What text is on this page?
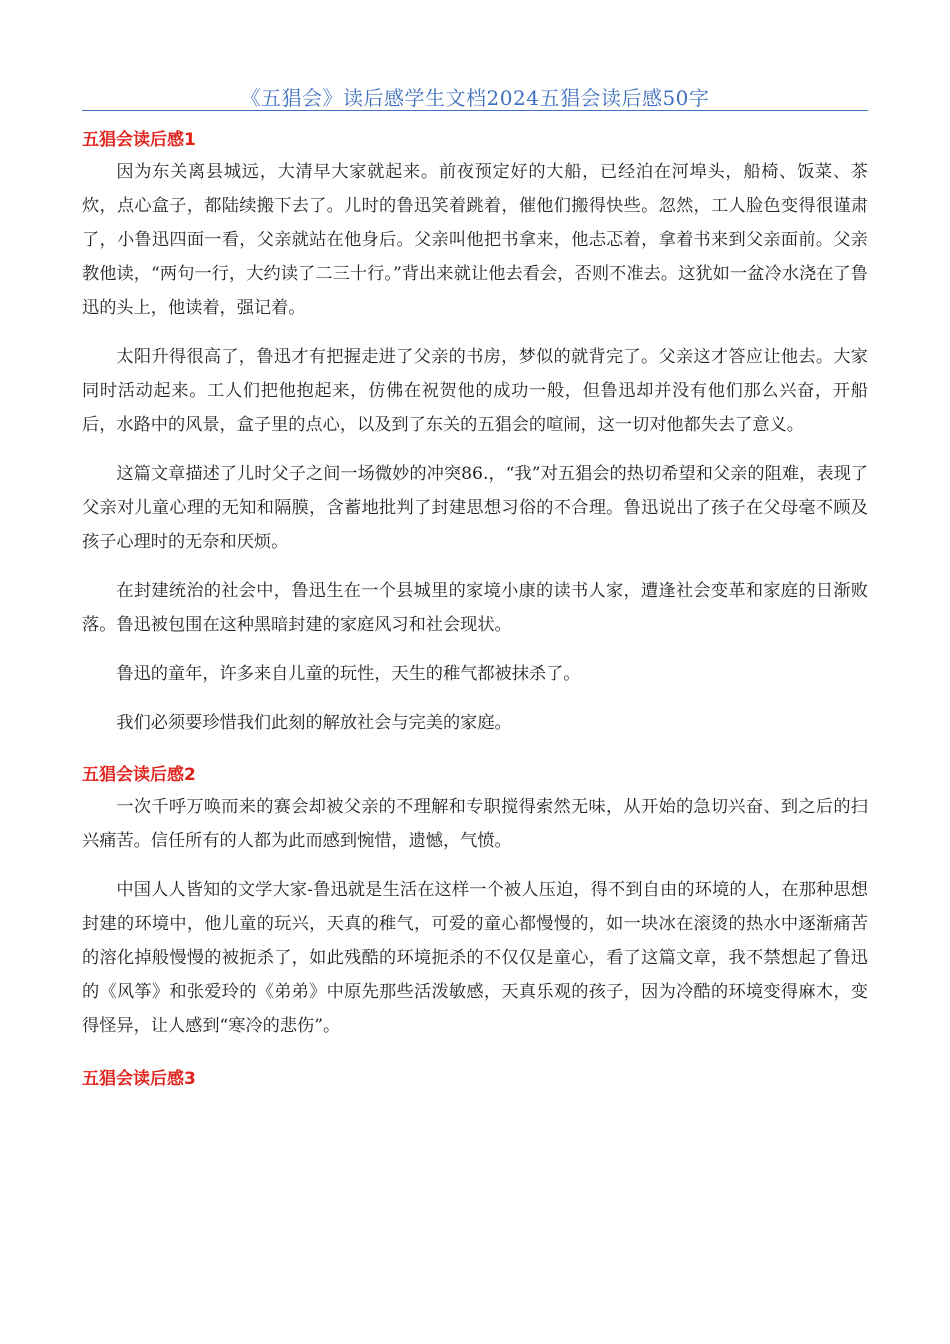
《五猖会》读后感学生文档2024五猖会读后感50字
五猖会读后感1

因为东关离县城远，大清早大家就起来。前夜预定好的大船，已经泊在河埠头，船椅、饭菜、茶炊，点心盒子，都陆续搬下去了。儿时的鲁迅笑着跳着，催他们搬得快些。忽然，工人脸色变得很谨肃了，小鲁迅四面一看，父亲就站在他身后。父亲叫他把书拿来，他忐忑着，拿着书来到父亲面前。父亲教他读，“两句一行，大约读了二三十行。”背出来就让他去看会，否则不准去。这犹如一盆冷水浇在了鲁迅的头上，他读着，强记着。

太阳升得很高了，鲁迅才有把握走进了父亲的书房，梦似的就背完了。父亲这才答应让他去。大家同时活动起来。工人们把他抱起来，仿佛在祝贺他的成功一般，但鲁迅却并没有他们那么兴奋，开船后，水路中的风景，盒子里的点心，以及到了东关的五猖会的喧闹，这一切对他都失去了意义。

这篇文章描述了儿时父子之间一场微妙的冲突86.，“我”对五猖会的热切希望和父亲的阻难，表现了父亲对儿童心理的无知和隔膜，含蓄地批判了封建思想习俗的不合理。鲁迅说出了孩子在父母毫不顾及孩子心理时的无奈和厌烦。

在封建统治的社会中，鲁迅生在一个县城里的家境小康的读书人家，遭逢社会变革和家庭的日渐败落。鲁迅被包围在这种黑暗封建的家庭风习和社会现状。

鲁迅的童年，许多来自儿童的玩性，天生的稚气都被抹杀了。

我们必须要珍惜我们此刻的解放社会与完美的家庭。

五猖会读后感2

一次千呼万唤而来的赛会却被父亲的不理解和专职搅得索然无味，从开始的急切兴奋、到之后的扫兴痛苦。信任所有的人都为此而感到惋惜，遗憾，气愤。

中国人人皆知的文学大家-鲁迅就是生活在这样一个被人压迫，得不到自由的环境的人，在那种思想封建的环境中，他儿童的玩兴，天真的稚气，可爱的童心都慢慢的，如一块冰在滚烫的热水中逐渐痛苦的溶化掉般慢慢的被扼杀了，如此残酷的环境扼杀的不仅仅是童心，看了这篇文章，我不禁想起了鲁迅的《风筝》和张爱玲的《弟弟》中原先那些活泼敏感，天真乐观的孩子，因为冷酷的环境变得麻木，变得怪异，让人感到“寒冷的悲伤”。

五猖会读后感3
